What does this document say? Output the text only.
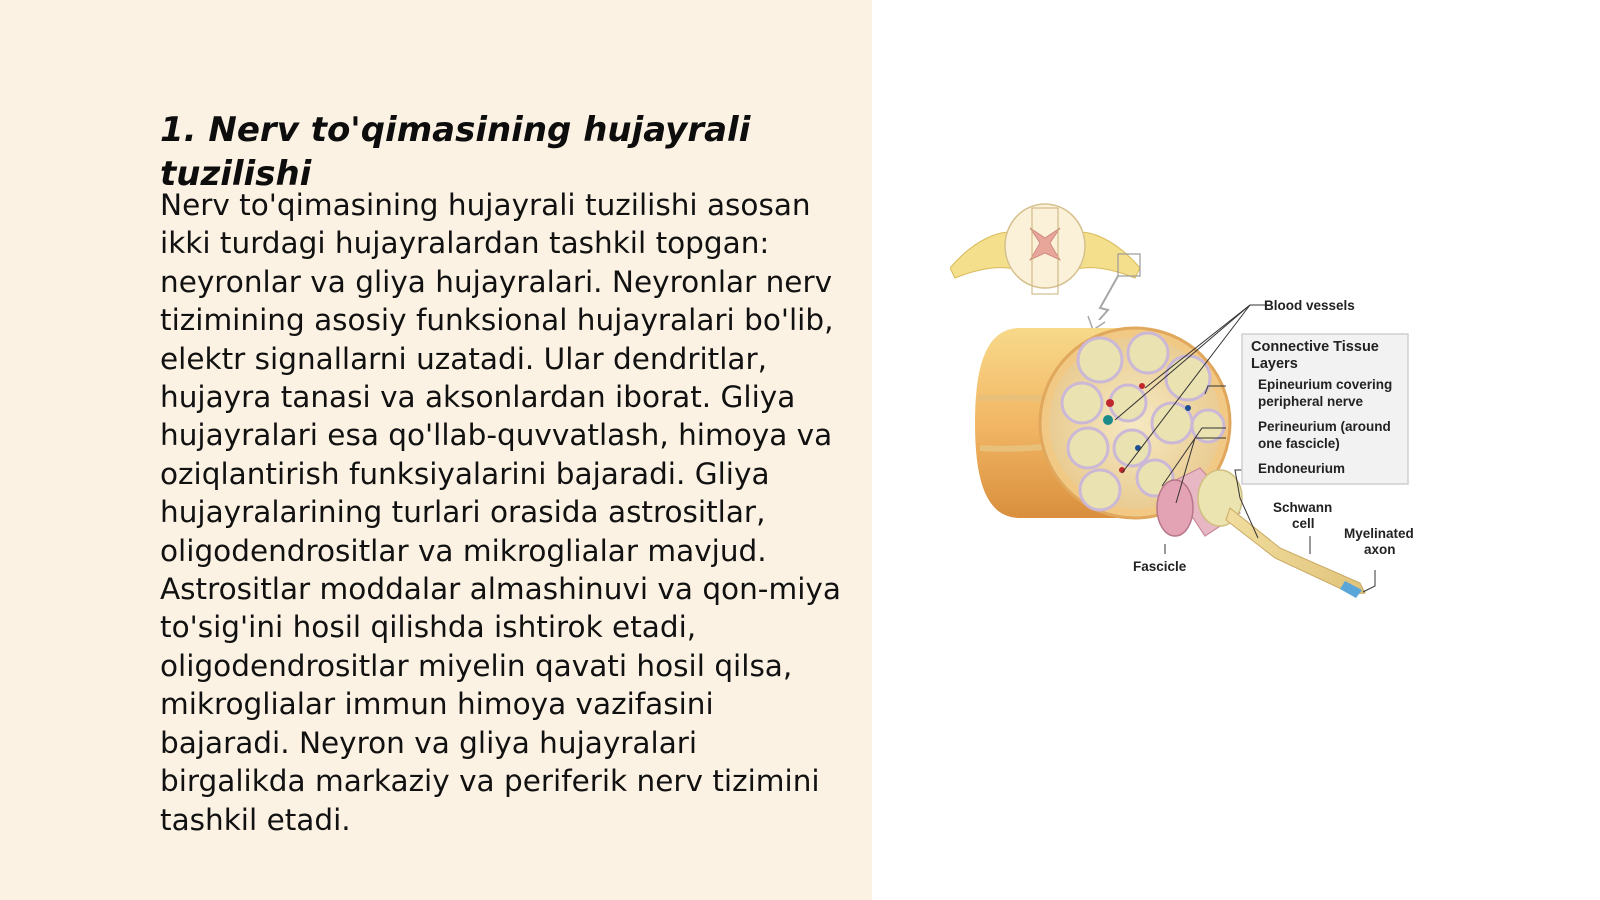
1. Nerv to'qimasining hujayrali tuzilishi

Nerv to'qimasining hujayrali tuzilishi asosan ikki turdagi hujayralardan tashkil topgan: neyronlar va gliya hujayralari. Neyronlar nerv tizimining asosiy funksional hujayralari bo'lib, elektr signallarni uzatadi. Ular dendritlar, hujayra tanasi va aksonlardan iborat. Gliya hujayralari esa qo'llab-quvvatlash, himoya va oziqlantirish funksiyalarini bajaradi. Gliya hujayralarining turlari orasida astrositlar, oligodendrositlar va mikroglialar mavjud. Astrositlar moddalar almashinuvi va qon-miya to'sig'ini hosil qilishda ishtirok etadi, oligodendrositlar miyelin qavati hosil qilsa, mikroglialar immun himoya vazifasini bajaradi. Neyron va gliya hujayralari birgalikda markaziy va periferik nerv tizimini tashkil etadi.

Blood vessels
Connective Tissue
Layers
Epineurium covering
peripheral nerve
Perineurium (around
one fascicle)
Endoneurium
Schwann
cell
Myelinated
axon
Fascicle
